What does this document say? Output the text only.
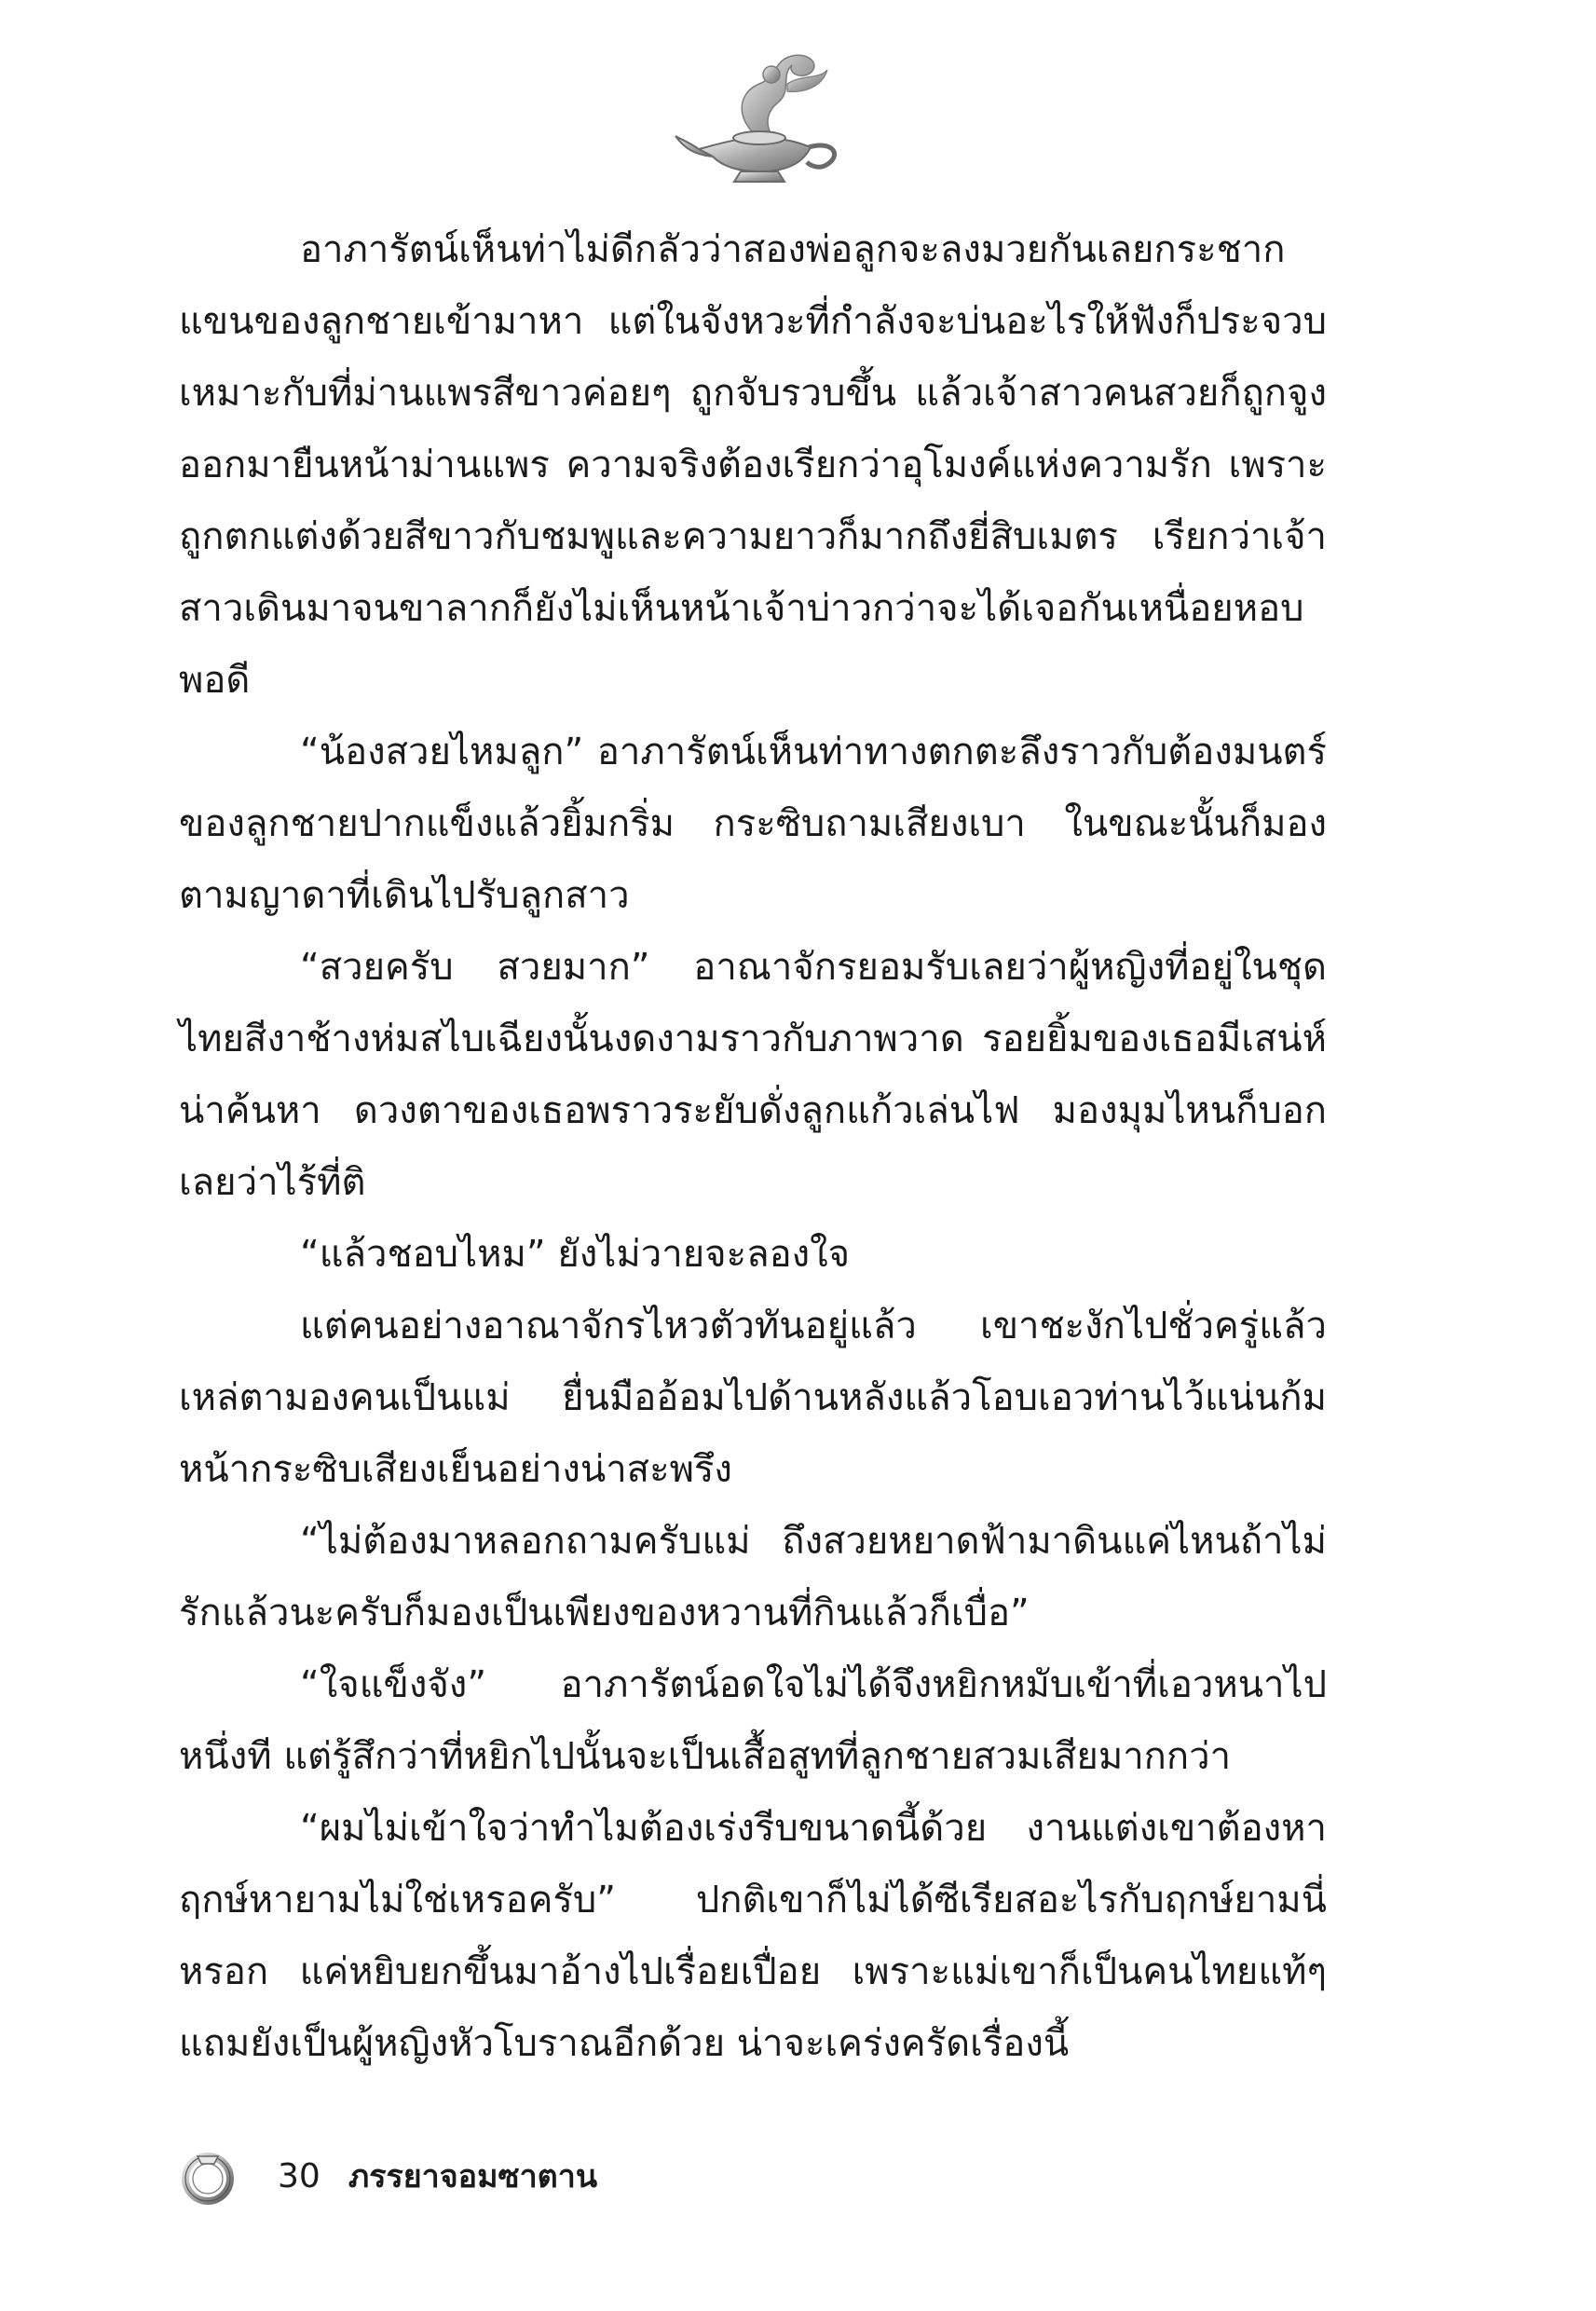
อาภารัตน์เห็นท่าไม่ดีกลัวว่าสองพ่อลูกจะลงมวยกันเลยกระชากแขนของลูกชายเข้ามาหา แต่ในจังหวะที่กำลังจะบ่นอะไรให้ฟังก็ประจวบเหมาะกับที่ม่านแพรสีขาวค่อยๆ ถูกจับรวบขึ้น แล้วเจ้าสาวคนสวยก็ถูกจูงออกมายืนหน้าม่านแพร ความจริงต้องเรียกว่าอุโมงค์แห่งความรัก เพราะถูกตกแต่งด้วยสีขาวกับชมพูและความยาวก็มากถึงยี่สิบเมตร เรียกว่าเจ้าสาวเดินมาจนขาลากก็ยังไม่เห็นหน้าเจ้าบ่าวกว่าจะได้เจอกันเหนื่อยหอบพอดี

“น้องสวยไหมลูก” อาภารัตน์เห็นท่าทางตกตะลึงราวกับต้องมนตร์ของลูกชายปากแข็งแล้วยิ้มกริ่ม กระซิบถามเสียงเบา ในขณะนั้นก็มองตามญาดาที่เดินไปรับลูกสาว

“สวยครับ สวยมาก” อาณาจักรยอมรับเลยว่าผู้หญิงที่อยู่ในชุดไทยสีงาช้างห่มสไบเฉียงนั้นงดงามราวกับภาพวาด รอยยิ้มของเธอมีเสน่ห์น่าค้นหา ดวงตาของเธอพราวระยับดั่งลูกแก้วเล่นไฟ มองมุมไหนก็บอกเลยว่าไร้ที่ติ

“แล้วชอบไหม” ยังไม่วายจะลองใจ

แต่คนอย่างอาณาจักรไหวตัวทันอยู่แล้ว เขาชะงักไปชั่วครู่แล้วเหล่ตามองคนเป็นแม่ ยื่นมืออ้อมไปด้านหลังแล้วโอบเอวท่านไว้แน่นก้มหน้ากระซิบเสียงเย็นอย่างน่าสะพรึง

“ไม่ต้องมาหลอกถามครับแม่ ถึงสวยหยาดฟ้ามาดินแค่ไหนถ้าไม่รักแล้วนะครับก็มองเป็นเพียงของหวานที่กินแล้วก็เบื่อ”

“ใจแข็งจัง” อาภารัตน์อดใจไม่ได้จึงหยิกหมับเข้าที่เอวหนาไปหนึ่งที แต่รู้สึกว่าที่หยิกไปนั้นจะเป็นเสื้อสูทที่ลูกชายสวมเสียมากกว่า

“ผมไม่เข้าใจว่าทำไมต้องเร่งรีบขนาดนี้ด้วย งานแต่งเขาต้องหาฤกษ์หายามไม่ใช่เหรอครับ” ปกติเขาก็ไม่ได้ซีเรียสอะไรกับฤกษ์ยามนี่หรอก แค่หยิบยกขึ้นมาอ้างไปเรื่อยเปื่อย เพราะแม่เขาก็เป็นคนไทยแท้ๆ แถมยังเป็นผู้หญิงหัวโบราณอีกด้วย น่าจะเคร่งครัดเรื่องนี้

30 ภรรยาจอมซาตาน
